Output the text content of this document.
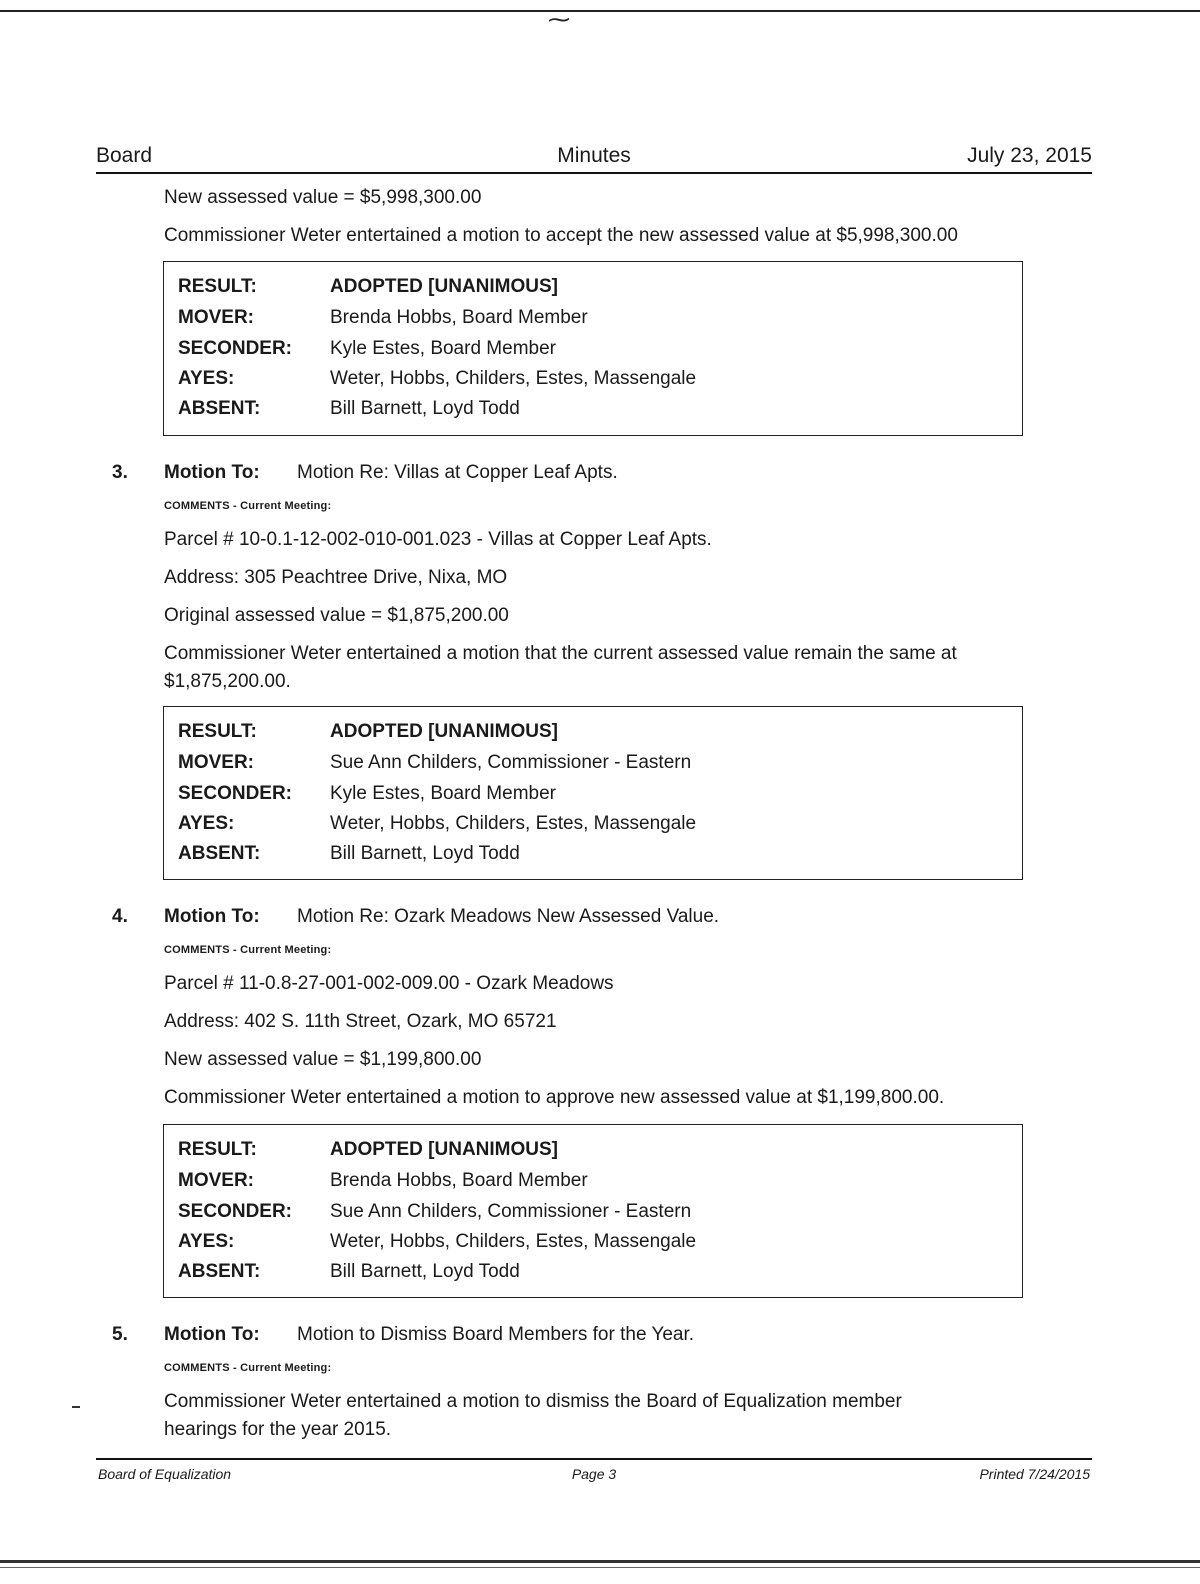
⁓
Board	Minutes	July 23, 2015
New assessed value = $5,998,300.00
Commissioner Weter entertained a motion to accept the new assessed value at $5,998,300.00
RESULT:	ADOPTED [UNANIMOUS]
MOVER:	Brenda Hobbs, Board Member
SECONDER: Kyle Estes, Board Member
AYES:	Weter, Hobbs, Childers, Estes, Massengale
ABSENT:	Bill Barnett, Loyd Todd
3. Motion To: Motion Re: Villas at Copper Leaf Apts.
COMMENTS - Current Meeting:
Parcel # 10-0.1-12-002-010-001.023 - Villas at Copper Leaf Apts.
Address: 305 Peachtree Drive, Nixa, MO
Original assessed value = $1,875,200.00
Commissioner Weter entertained a motion that the current assessed value remain the same at
$1,875,200.00.
RESULT:	ADOPTED [UNANIMOUS]
MOVER:	Sue Ann Childers, Commissioner - Eastern
SECONDER: Kyle Estes, Board Member
AYES:	Weter, Hobbs, Childers, Estes, Massengale
ABSENT:	Bill Barnett, Loyd Todd
4. Motion To: Motion Re: Ozark Meadows New Assessed Value.
COMMENTS - Current Meeting:
Parcel # 11-0.8-27-001-002-009.00 - Ozark Meadows
Address: 402 S. 11th Street, Ozark, MO 65721
New assessed value = $1,199,800.00
Commissioner Weter entertained a motion to approve new assessed value at $1,199,800.00.
RESULT:	ADOPTED [UNANIMOUS]
MOVER:	Brenda Hobbs, Board Member
SECONDER: Sue Ann Childers, Commissioner - Eastern
AYES:	Weter, Hobbs, Childers, Estes, Massengale
ABSENT:	Bill Barnett, Loyd Todd
5. Motion To: Motion to Dismiss Board Members for the Year.
COMMENTS - Current Meeting:
Commissioner Weter entertained a motion to dismiss the Board of Equalization member
hearings for the year 2015.
Board of Equalization	Page 3	Printed 7/24/2015
